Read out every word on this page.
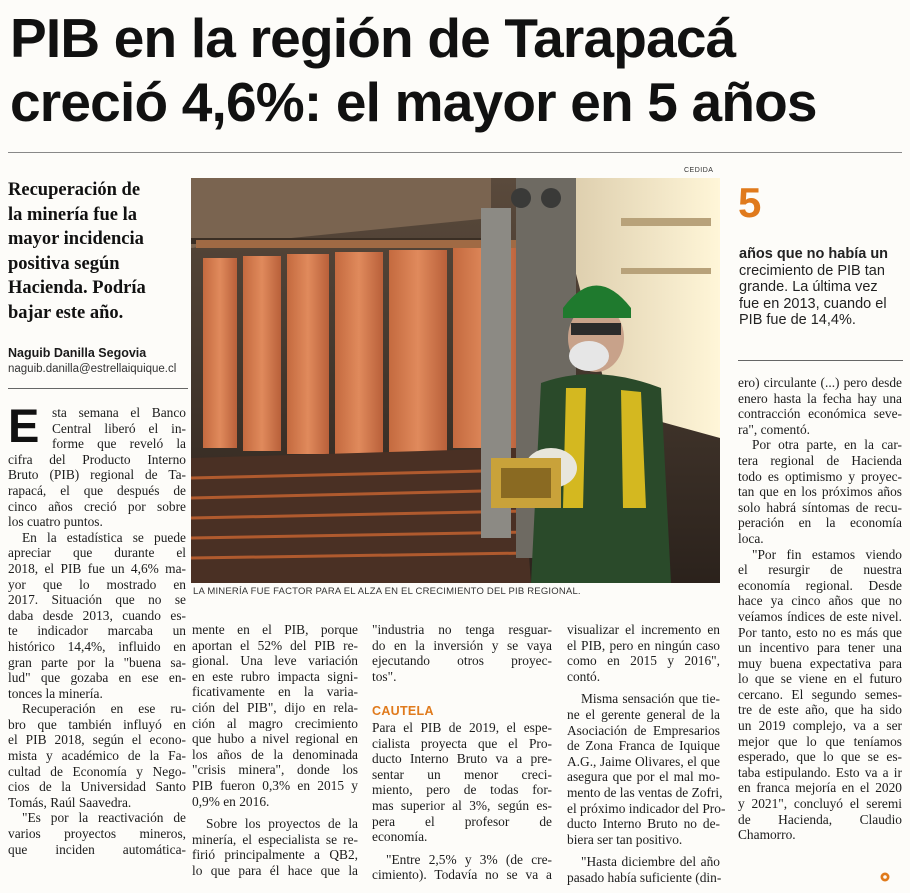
PIB en la región de Tarapacá
creció 4,6%: el mayor en 5 años
Recuperación de
la minería fue la
mayor incidencia
positiva según
Hacienda. Podría
bajar este año.
Naguib Danilla Segovia
naguib.danilla@estrellaiquique.cl
CEDIDA
LA MINERÍA FUE FACTOR PARA EL ALZA EN EL CRECIMIENTO DEL PIB REGIONAL.
5
años que no había un
crecimiento de PIB tan
grande. La última vez
fue en 2013, cuando el
PIB fue de 14,4%.
E sta semana el Banco
Central liberó el in-
forme que reveló la
cifra del Producto Interno
Bruto (PIB) regional de Ta-
rapacá, el que después de
cinco años creció por sobre
los cuatro puntos.
En la estadística se puede
apreciar que durante el
2018, el PIB fue un 4,6% ma-
yor que lo mostrado en
2017. Situación que no se
daba desde 2013, cuando es-
te indicador marcaba un
histórico 14,4%, influido en
gran parte por la "buena sa-
lud" que gozaba en ese en-
tonces la minería.
Recuperación en ese ru-
bro que también influyó en
el PIB 2018, según el econo-
mista y académico de la Fa-
cultad de Economía y Nego-
cios de la Universidad Santo
Tomás, Raúl Saavedra.
"Es por la reactivación de
varios proyectos mineros,
que inciden automática-
mente en el PIB, porque
aportan el 52% del PIB re-
gional. Una leve variación
en este rubro impacta signi-
ficativamente en la varia-
ción del PIB", dijo en rela-
ción al magro crecimiento
que hubo a nivel regional en
los años de la denominada
"crisis minera", donde los
PIB fueron 0,3% en 2015 y
0,9% en 2016.
Sobre los proyectos de la
minería, el especialista se re-
firió principalmente a QB2,
lo que para él hace que la
"industria no tenga resguar-
do en la inversión y se vaya
ejecutando otros proyec-
tos".
CAUTELA
Para el PIB de 2019, el espe-
cialista proyecta que el Pro-
ducto Interno Bruto va a pre-
sentar un menor creci-
miento, pero de todas for-
mas superior al 3%, según es-
pera el profesor de
economía.
"Entre 2,5% y 3% (de cre-
cimiento). Todavía no se va a
visualizar el incremento en
el PIB, pero en ningún caso
como en 2015 y 2016",
contó.
Misma sensación que tie-
ne el gerente general de la
Asociación de Empresarios
de Zona Franca de Iquique
A.G., Jaime Olivares, el que
asegura que por el mal mo-
mento de las ventas de Zofri,
el próximo indicador del Pro-
ducto Interno Bruto no de-
biera ser tan positivo.
"Hasta diciembre del año
pasado había suficiente (din-
ero) circulante (...) pero desde
enero hasta la fecha hay una
contracción económica seve-
ra", comentó.
Por otra parte, en la car-
tera regional de Hacienda
todo es optimismo y proyec-
tan que en los próximos años
solo habrá síntomas de recu-
peración en la economía
loca.
"Por fin estamos viendo
el resurgir de nuestra
economía regional. Desde
hace ya cinco años que no
veíamos índices de este nivel.
Por tanto, esto no es más que
un incentivo para tener una
muy buena expectativa para
lo que se viene en el futuro
cercano. El segundo semes-
tre de este año, que ha sido
un 2019 complejo, va a ser
mejor que lo que teníamos
esperado, que lo que se es-
taba estipulando. Esto va a ir
en franca mejoría en el 2020
y 2021", concluyó el seremi
de Hacienda, Claudio
Chamorro.
